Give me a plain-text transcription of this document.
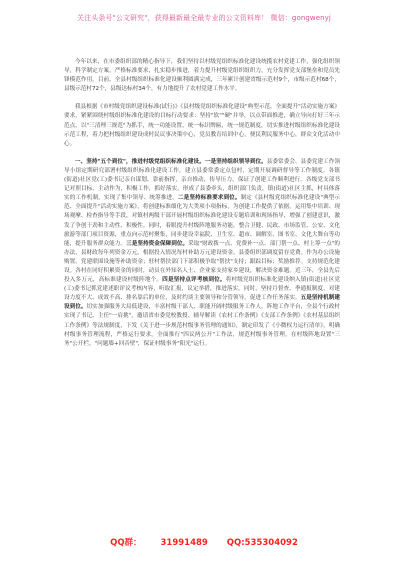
关注头条号"公文研究"，获得最新最全最专业的公文资料库！ 微信：gongwenyj

今年以来，在市委组织部的精心指导下，我们坚持以村级党组织标准化建设统揽农村党建工作，强化组织领导，科学制定方案，严格标准要求，扎实稳步推进，着力提升村级党组织组织力，充分发挥党支部堡垒和党员先锋模范作用。目前，全县村级组织标准化建设顺利圆满完成，三年累计创建省级示范村9个，市级示范村68个，县级示范村72个，县级达标村34个，有力地提升了农村党建工作水平。

我县根据《市村级党组织建设标准(试行)》《县村级党组织标准化建设"典型示范、全面提升"活动实施方案》要求，紧紧围绕村级组织标准化建设的目标行动要求：坚持"软""硬"并举，以点带面推进，确立导向打好三年示范点，以"三清理三规范"为抓手，统一功能设置，统一标识牌匾，统一规范制度，切实推进村级组织标准化建设示范工程，着力把村级组织建设成村民议事决策中心，党员教育培训中心，便民利民服务中心，群众文化活动中心。

一、坚持"五个到位"，推进村级党组织标准化建设。一是坚持组织领导到位。县委常委会、县委党建工作领导小组定期研究部署村级组织标准化建设工作，建立县委常委定点包村，定期开展调研督导等工作制度。各镇(街道)社区党(工)委书记亲自谋划、靠前指挥，亲自推动，传导压力，保证了创建工作顺利进行。各级党支部书记对照目标，主动作为，积极工作，抓好落实，形成了县委牵头，组织部门负责，镇(街道)社区主抓，村具体落实的工作机制，实现了集中领导、统筹推进。二是坚持标准要求到位。制定《县村级党组织标准化建设"典型示范、全面提升"活动实施方案》，将创建标准细化为大类项小项指标，为创建工作提供了依据。运用集中培训、现场观摩、检查指导等手段，对镇村两级干部开展村级组织标准化建设专题培训和现场指导，增强了创建意识，激发了争创干劲和主动性、积极性。同时，着眼提升村级阵地服务功能，整合卫健、民政、市场监管、公安、文化旅游等部门项目资源，重点向示范村聚集，同步建设幸福院、卫生室、超市、调解室、图书室、文化大舞台等功能，提升服务群众能力。三是坚持资金保障到位。采取"财政拨一点、党费补一点、部门帮一点、村上筹一点"的办法，县财政每年列资金万元，根据投入情况每村补助万元建设资金。县委组织部调度留存党费。作为办公设施购置。党建联围设施等补助资金；驻村帮扶部门下部积极争取"帮扶"支持；跟踪目标；奖励推荐。支持规范化建设。各村在同好积累资金的同时，动员在外知名人士、企业家支持家乡建设，解决资金难题。近三年，全县先后投入多万元，高标准建设村级阵地个。四是坚持点评考核到位。将村级党组织标准化建设纳入镇(街道)社区党(工)委书记抓党建述职评议考核内容，听取汇报，议定举措，推进落实。同时，坚持月督查、季通报制度，对建设力度不大、成效不高、排名靠后的单位，及时约谈主要领导和分管领导，促进工作任务落实。五是坚持机制建设到位。切实加强服务大局低建设，丰富村级干部人、职能开阔村级服务工作人，阵地工作平台，全县个行政村实现了书记、主任"一肩挑"，邀请省市委党校教授、辅导解读《农村工作条例》《支部工作条例》《农村基层组织工作条例》等法规制度，下发《关于进一步规范村级事务管理的通知》，制定印发了《小微权力运行清单》，明确村级事务管理流程，严格运行要求。全面推行"四议两公开"工作法，规范村级事务管理。在村级阵地设置"三务"公开栏，"问题墙+回音壁"，保证村级事务"阳光"运行。

QQ群： 31991489 QQ:535304092
